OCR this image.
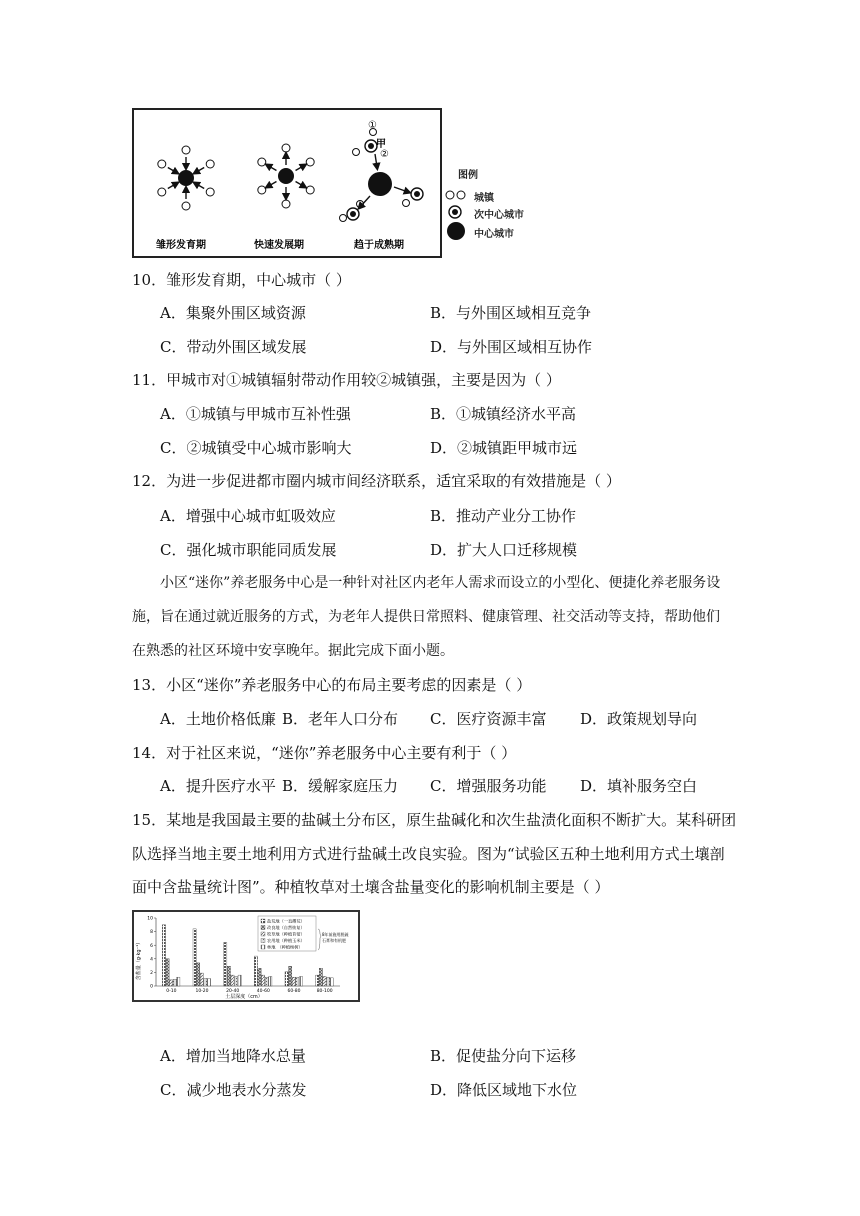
雏形发育期	快速发展期	趋于成熟期
①
甲
②
图例
城镇
次中心城市
中心城市
10．雏形发育期，中心城市（ ）
A．集聚外围区域资源	B．与外围区域相互竞争
C．带动外围区域发展	D．与外围区域相互协作
11．甲城市对①城镇辐射带动作用较②城镇强，主要是因为（ ）
A．①城镇与甲城市互补性强	B．①城镇经济水平高
C．②城镇受中心城市影响大	D．②城镇距甲城市远
12．为进一步促进都市圈内城市间经济联系，适宜采取的有效措施是（ ）
A．增强中心城市虹吸效应	B．推动产业分工协作
C．强化城市职能同质发展	D．扩大人口迁移规模
小区“迷你”养老服务中心是一种针对社区内老年人需求而设立的小型化、便捷化养老服务设施，旨在通过就近服务的方式，为老年人提供日常照料、健康管理、社交活动等支持，帮助他们在熟悉的社区环境中安享晚年。据此完成下面小题。
13．小区“迷你”养老服务中心的布局主要考虑的因素是（ ）
A．土地价格低廉 B．老年人口分布 C．医疗资源丰富 D．政策规划导向
14．对于社区来说，“迷你”养老服务中心主要有利于（ ）
A．提升医疗水平 B．缓解家庭压力 C．增强服务功能 D．填补服务空白
15．某地是我国最主要的盐碱土分布区，原生盐碱化和次生盐渍化面积不断扩大。某科研团
队选择当地主要土地利用方式进行盐碱土改良实验。图为“试验区五种土地利用方式土壤剖
面中含盐量统计图”。种植牧草对土壤含盐量变化的影响机制主要是（ ）
含盐量（g·kg⁻¹）
土层深度（cm）
0
2
4
6
8
10
0-10	10-20	20-40	40-60	60-80	80-100
盐荒地（一直撂荒）
改良地（自然恢复）
牧草地（种植苜蓿）
农用地（种植玉米）
林地　（种植杨树）
8年前施用脱硫
石膏和有机肥
A．增加当地降水总量	B．促使盐分向下运移
C．减少地表水分蒸发	D．降低区域地下水位
